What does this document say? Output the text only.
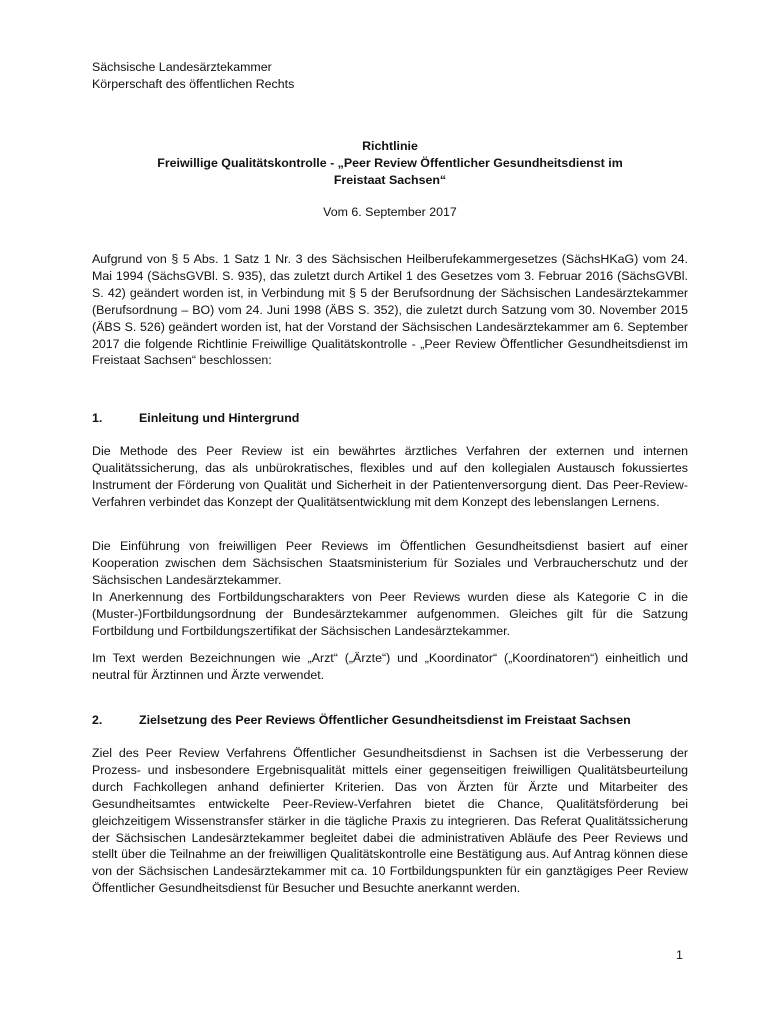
Sächsische Landesärztekammer
Körperschaft des öffentlichen Rechts
Richtlinie
Freiwillige Qualitätskontrolle - „Peer Review Öffentlicher Gesundheitsdienst im
Freistaat Sachsen“
Vom 6. September 2017
Aufgrund von § 5 Abs. 1 Satz 1 Nr. 3 des Sächsischen Heilberufekammergesetzes (SächsHKaG) vom 24. Mai 1994 (SächsGVBl. S. 935), das zuletzt durch Artikel 1 des Gesetzes vom 3. Februar 2016 (SächsGVBl. S. 42) geändert worden ist, in Verbindung mit § 5 der Berufsordnung der Sächsischen Landesärztekammer (Berufsordnung – BO) vom 24. Juni 1998 (ÄBS S. 352), die zuletzt durch Satzung vom 30. November 2015 (ÄBS S. 526) geändert worden ist, hat der Vorstand der Sächsischen Landesärztekammer am 6. September 2017 die folgende Richtlinie Freiwillige Qualitätskontrolle - „Peer Review Öffentlicher Gesundheitsdienst im Freistaat Sachsen“ beschlossen:
1.	Einleitung und Hintergrund
Die Methode des Peer Review ist ein bewährtes ärztliches Verfahren der externen und internen Qualitätssicherung, das als unbürokratisches, flexibles und auf den kollegialen Austausch fokussiertes Instrument der Förderung von Qualität und Sicherheit in der Patientenversorgung dient. Das Peer-Review-Verfahren verbindet das Konzept der Qualitätsentwicklung mit dem Konzept des lebenslangen Lernens.
Die Einführung von freiwilligen Peer Reviews im Öffentlichen Gesundheitsdienst basiert auf einer Kooperation zwischen dem Sächsischen Staatsministerium für Soziales und Verbraucherschutz und der Sächsischen Landesärztekammer.
In Anerkennung des Fortbildungscharakters von Peer Reviews wurden diese als Kategorie C in die (Muster-)Fortbildungsordnung der Bundesärztekammer aufgenommen. Gleiches gilt für die Satzung Fortbildung und Fortbildungszertifikat der Sächsischen Landesärztekammer.
Im Text werden Bezeichnungen wie „Arzt“ („Ärzte“) und „Koordinator“ („Koordinatoren“) einheitlich und neutral für Ärztinnen und Ärzte verwendet.
2.	Zielsetzung des Peer Reviews Öffentlicher Gesundheitsdienst im Freistaat Sachsen
Ziel des Peer Review Verfahrens Öffentlicher Gesundheitsdienst in Sachsen ist die Verbesserung der Prozess- und insbesondere Ergebnisqualität mittels einer gegenseitigen freiwilligen Qualitätsbeurteilung durch Fachkollegen anhand definierter Kriterien. Das von Ärzten für Ärzte und Mitarbeiter des Gesundheitsamtes entwickelte Peer-Review-Verfahren bietet die Chance, Qualitätsförderung bei gleichzeitigem Wissenstransfer stärker in die tägliche Praxis zu integrieren. Das Referat Qualitätssicherung der Sächsischen Landesärztekammer begleitet dabei die administrativen Abläufe des Peer Reviews und stellt über die Teilnahme an der freiwilligen Qualitätskontrolle eine Bestätigung aus. Auf Antrag können diese von der Sächsischen Landesärztekammer mit ca. 10 Fortbildungspunkten für ein ganztägiges Peer Review Öffentlicher Gesundheitsdienst für Besucher und Besuchte anerkannt werden.
1
